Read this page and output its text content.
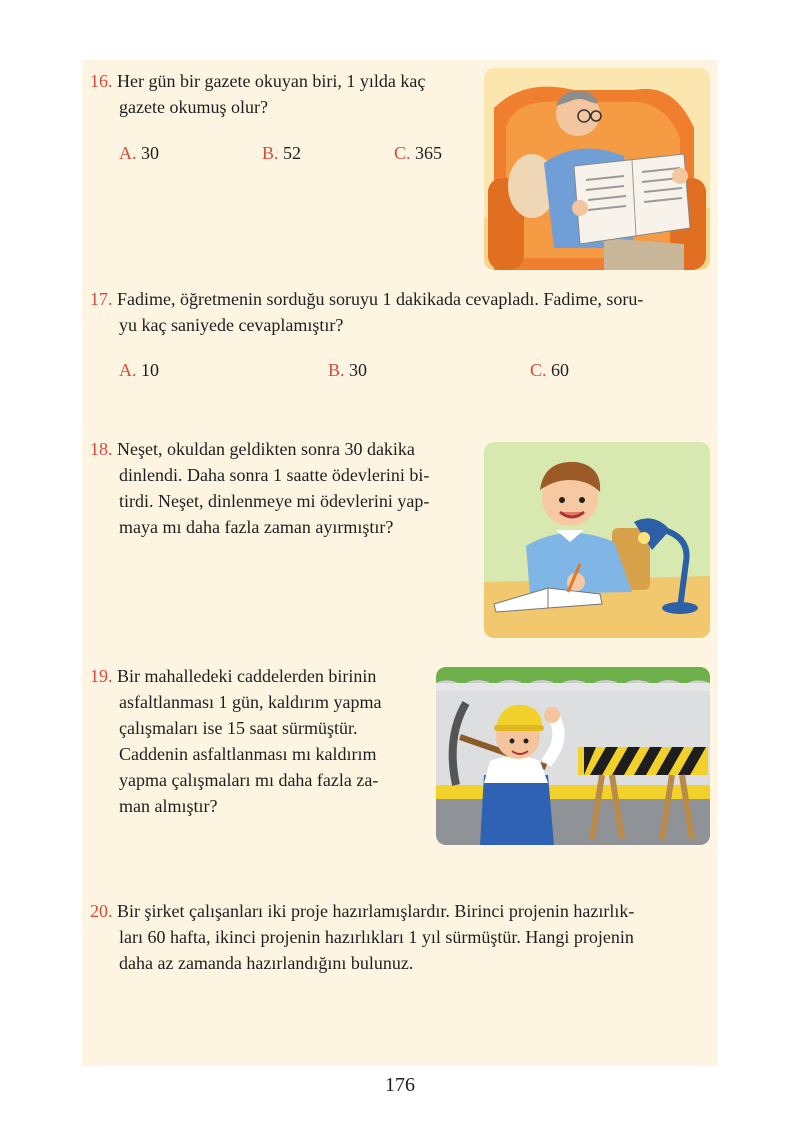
16. Her gün bir gazete okuyan biri, 1 yılda kaç
gazete okumuş olur?
A. 30	B. 52	C. 365
17. Fadime, öğretmenin sorduğu soruyu 1 dakikada cevapladı. Fadime, soru-
yu kaç saniyede cevaplamıştır?
A. 10	B. 30	C. 60
18. Neşet, okuldan geldikten sonra 30 dakika
dinlendi. Daha sonra 1 saatte ödevlerini bi-
tirdi. Neşet, dinlenmeye mi ödevlerini yap-
maya mı daha fazla zaman ayırmıştır?
19. Bir mahalledeki caddelerden birinin
asfaltlanması 1 gün, kaldırım yapma
çalışmaları ise 15 saat sürmüştür.
Caddenin asfaltlanması mı kaldırım
yapma çalışmaları mı daha fazla za-
man almıştır?
20. Bir şirket çalışanları iki proje hazırlamışlardır. Birinci projenin hazırlık-
ları 60 hafta, ikinci projenin hazırlıkları 1 yıl sürmüştür. Hangi projenin
daha az zamanda hazırlandığını bulunuz.
176
